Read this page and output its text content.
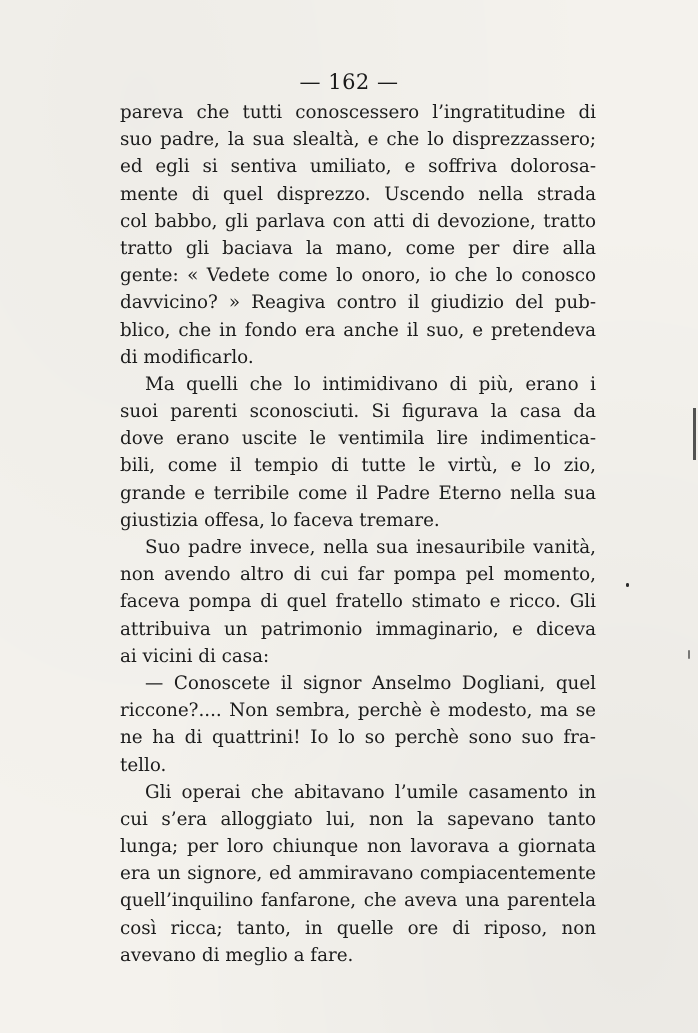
— 162 —
pareva che tutti conoscessero l’ingratitudine di
suo padre, la sua slealtà, e che lo disprezzassero;
ed egli si sentiva umiliato, e soffriva dolorosa-
mente di quel disprezzo. Uscendo nella strada
col babbo, gli parlava con atti di devozione, tratto
tratto gli baciava la mano, come per dire alla
gente: « Vedete come lo onoro, io che lo conosco
davvicino? » Reagiva contro il giudizio del pub-
blico, che in fondo era anche il suo, e pretendeva
di modificarlo.
Ma quelli che lo intimidivano di più, erano i
suoi parenti sconosciuti. Si figurava la casa da
dove erano uscite le ventimila lire indimentica-
bili, come il tempio di tutte le virtù, e lo zio,
grande e terribile come il Padre Eterno nella sua
giustizia offesa, lo faceva tremare.
Suo padre invece, nella sua inesauribile vanità,
non avendo altro di cui far pompa pel momento,
faceva pompa di quel fratello stimato e ricco. Gli
attribuiva un patrimonio immaginario, e diceva
ai vicini di casa:
— Conoscete il signor Anselmo Dogliani, quel
riccone?.... Non sembra, perchè è modesto, ma se
ne ha di quattrini! Io lo so perchè sono suo fra-
tello.
Gli operai che abitavano l’umile casamento in
cui s’era alloggiato lui, non la sapevano tanto
lunga; per loro chiunque non lavorava a giornata
era un signore, ed ammiravano compiacentemente
quell’inquilino fanfarone, che aveva una parentela
così ricca; tanto, in quelle ore di riposo, non
avevano di meglio a fare.
